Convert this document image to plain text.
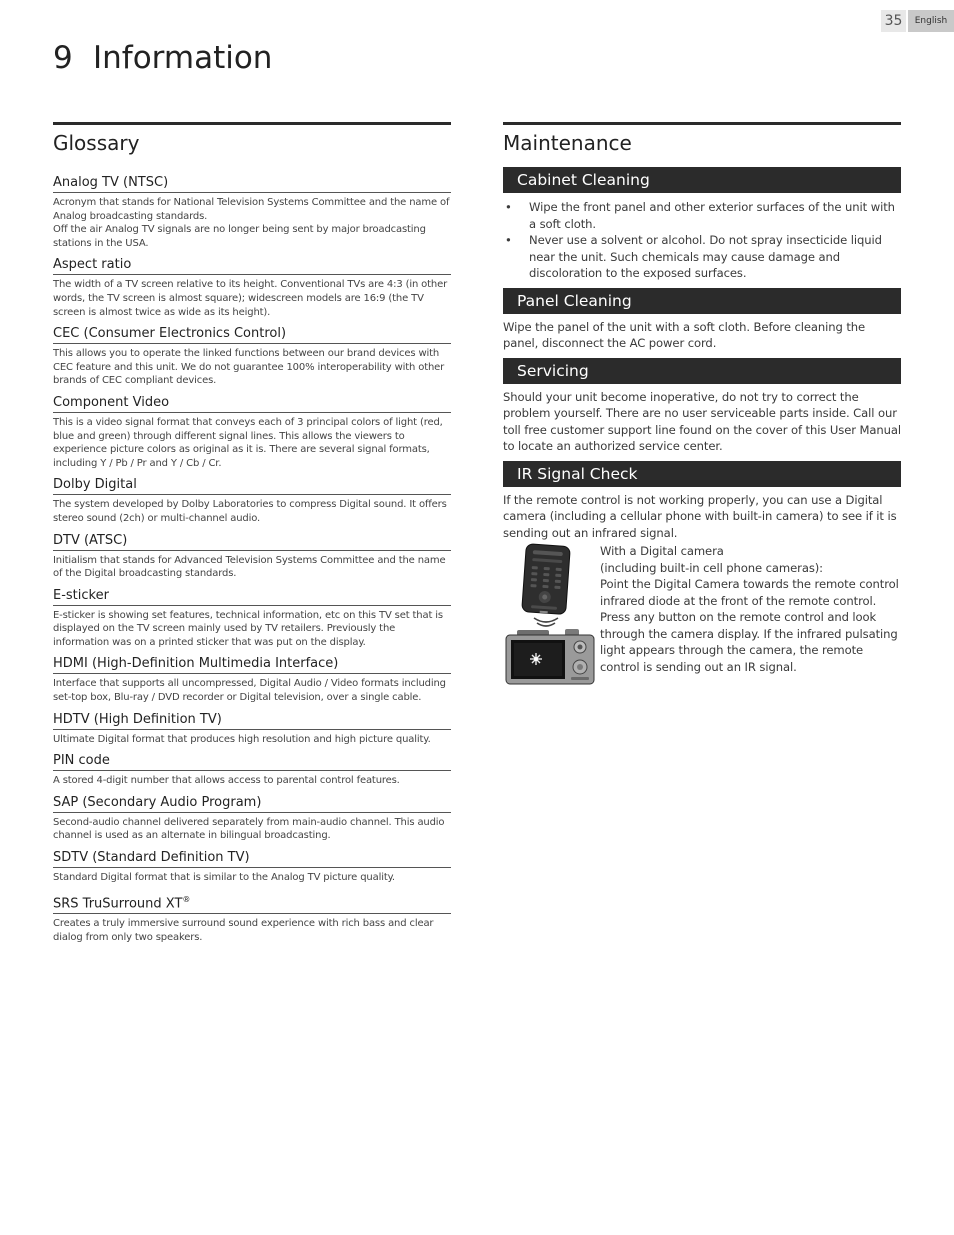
35	English
9 Information
Glossary
Analog TV (NTSC)

Acronym that stands for National Television Systems Committee and the name of Analog broadcasting standards.

Off the air Analog TV signals are no longer being sent by major broadcasting stations in the USA.

Aspect ratio

The width of a TV screen relative to its height. Conventional TVs are 4:3 (in other words, the TV screen is almost square); widescreen models are 16:9 (the TV screen is almost twice as wide as its height).

CEC (Consumer Electronics Control)

This allows you to operate the linked functions between our brand devices with CEC feature and this unit. We do not guarantee 100% interoperability with other brands of CEC compliant devices.

Component Video

This is a video signal format that conveys each of 3 principal colors of light (red, blue and green) through different signal lines. This allows the viewers to experience picture colors as original as it is. There are several signal formats, including Y / Pb / Pr and Y / Cb / Cr.

Dolby Digital

The system developed by Dolby Laboratories to compress Digital sound. It offers stereo sound (2ch) or multi-channel audio.

DTV (ATSC)

Initialism that stands for Advanced Television Systems Committee and the name of the Digital broadcasting standards.

E-sticker

E-sticker is showing set features, technical information, etc on this TV set that is displayed on the TV screen mainly used by TV retailers. Previously the information was on a printed sticker that was put on the display.

HDMI (High-Definition Multimedia Interface)

Interface that supports all uncompressed, Digital Audio / Video formats including set-top box, Blu-ray / DVD recorder or Digital television, over a single cable.

HDTV (High Definition TV)

Ultimate Digital format that produces high resolution and high picture quality.

PIN code

A stored 4-digit number that allows access to parental control features.

SAP (Secondary Audio Program)

Second-audio channel delivered separately from main-audio channel. This audio channel is used as an alternate in bilingual broadcasting.

SDTV (Standard Definition TV)

Standard Digital format that is similar to the Analog TV picture quality.

SRS TruSurround XT®

Creates a truly immersive surround sound experience with rich bass and clear dialog from only two speakers.

Maintenance
Cabinet Cleaning
• Wipe the front panel and other exterior surfaces of the unit with a soft cloth.
• Never use a solvent or alcohol. Do not spray insecticide liquid near the unit. Such chemicals may cause damage and discoloration to the exposed surfaces.
Panel Cleaning
Wipe the panel of the unit with a soft cloth. Before cleaning the panel, disconnect the AC power cord.
Servicing
Should your unit become inoperative, do not try to correct the problem yourself. There are no user serviceable parts inside. Call our toll free customer support line found on the cover of this User Manual to locate an authorized service center.
IR Signal Check
If the remote control is not working properly, you can use a Digital camera (including a cellular phone with built-in camera) to see if it is sending out an infrared signal.

With a Digital camera

(including built-in cell phone cameras):

Point the Digital Camera towards the remote control infrared diode at the front of the remote control.

Press any button on the remote control and look through the camera display. If the infrared pulsating light appears through the camera, the remote control is sending out an IR signal.
